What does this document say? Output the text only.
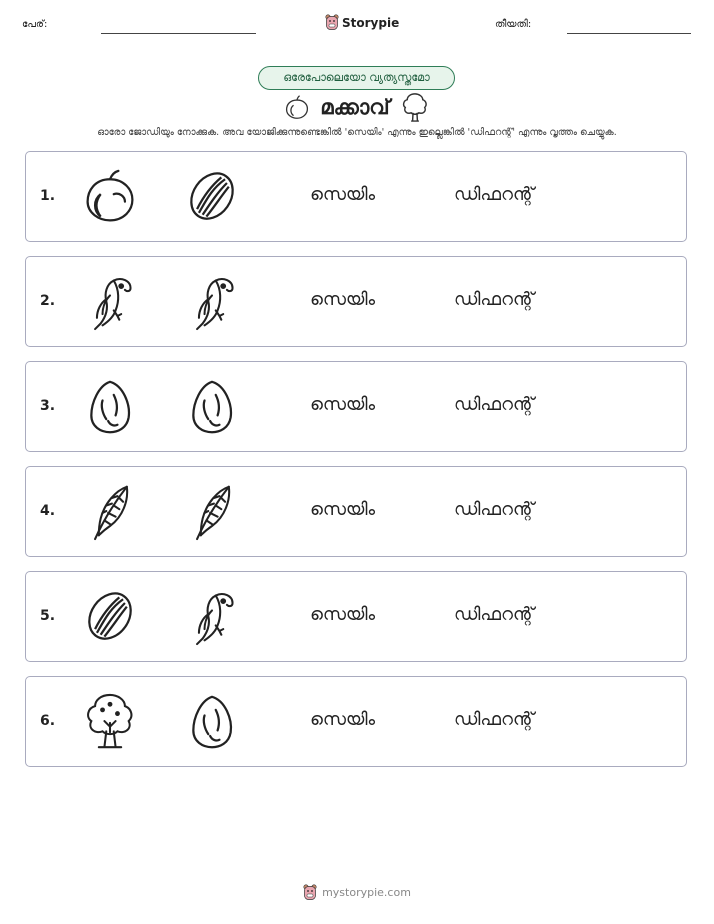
പേര്:	Storypie	തീയതി:
ഒരേപോലെയോ വ്യത്യസ്തമോ
മക്കാവ്
ഓരോ ജോഡിയും നോക്കുക. അവ യോജിക്കുന്നുണ്ടെങ്കിൽ 'സെയിം' എന്നും ഇല്ലെങ്കിൽ 'ഡിഫറന്റ്' എന്നും വൃത്തം ചെയ്യുക.
1.	സെയിം	ഡിഫറന്റ്
2.	സെയിം	ഡിഫറന്റ്
3.	സെയിം	ഡിഫറന്റ്
4.	സെയിം	ഡിഫറന്റ്
5.	സെയിം	ഡിഫറന്റ്
6.	സെയിം	ഡിഫറന്റ്
mystorypie.com
